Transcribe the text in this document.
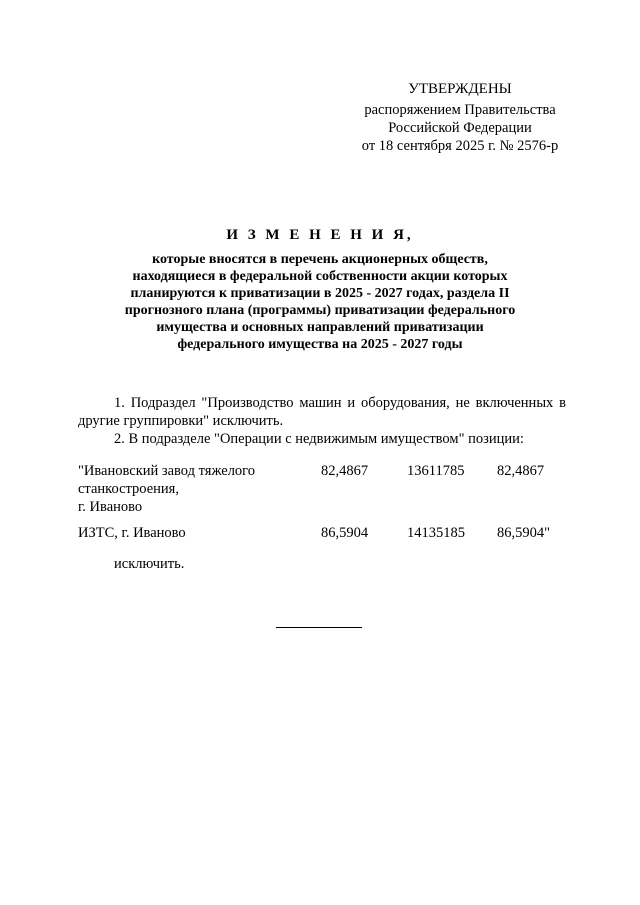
УТВЕРЖДЕНЫ
распоряжением Правительства
Российской Федерации
от 18 сентября 2025 г. № 2576-р
И З М Е Н Е Н И Я,
которые вносятся в перечень акционерных обществ,
находящиеся в федеральной собственности акции которых
планируются к приватизации в 2025 - 2027 годах, раздела II
прогнозного плана (программы) приватизации федерального
имущества и основных направлений приватизации
федерального имущества на 2025 - 2027 годы

1. Подраздел "Производство машин и оборудования, не включенных в другие группировки" исключить.

2. В подразделе "Операции с недвижимым имуществом" позиции:

"Ивановский завод тяжелого
станкостроения,
г. Иваново
82,4867	13611785 82,4867
ИЗТС, г. Иваново	86,5904	14135185 86,5904"
исключить.
